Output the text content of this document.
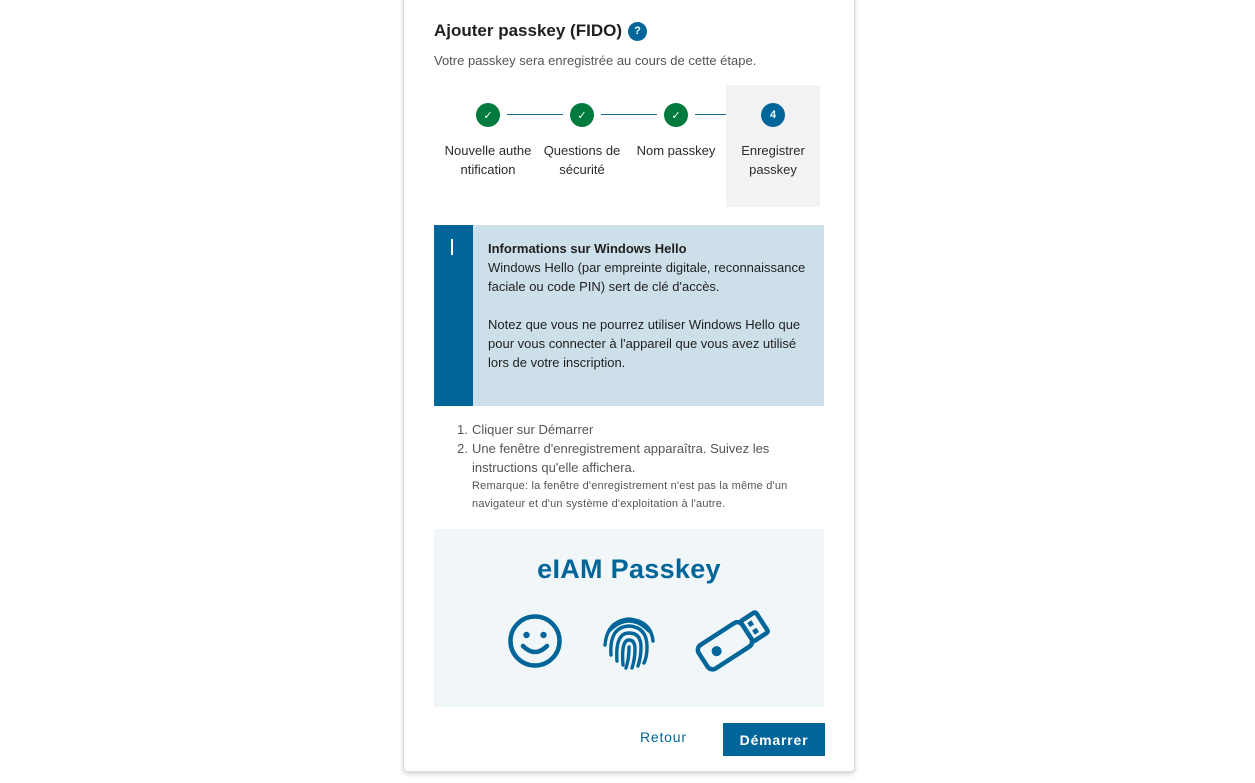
Ajouter passkey (FIDO)	?
Votre passkey sera enregistrée au cours de cette étape.
✓
Nouvelle authentification
✓
Questions de sécurité
✓
Nom passkey
4
Enregistrer passkey
Informations sur Windows Hello
Windows Hello (par empreinte digitale, reconnaissance faciale ou code PIN) sert de clé d'accès.
Notez que vous ne pourrez utiliser Windows Hello que pour vous connecter à l'appareil que vous avez utilisé lors de votre inscription.
1. Cliquer sur Démarrer
2. Une fenêtre d'enregistrement apparaîtra. Suivez les instructions qu'elle affichera.
Remarque: la fenêtre d'enregistrement n'est pas la même d'un navigateur et d'un système d'exploitation à l'autre.
eIAM Passkey
Retour	Démarrer
